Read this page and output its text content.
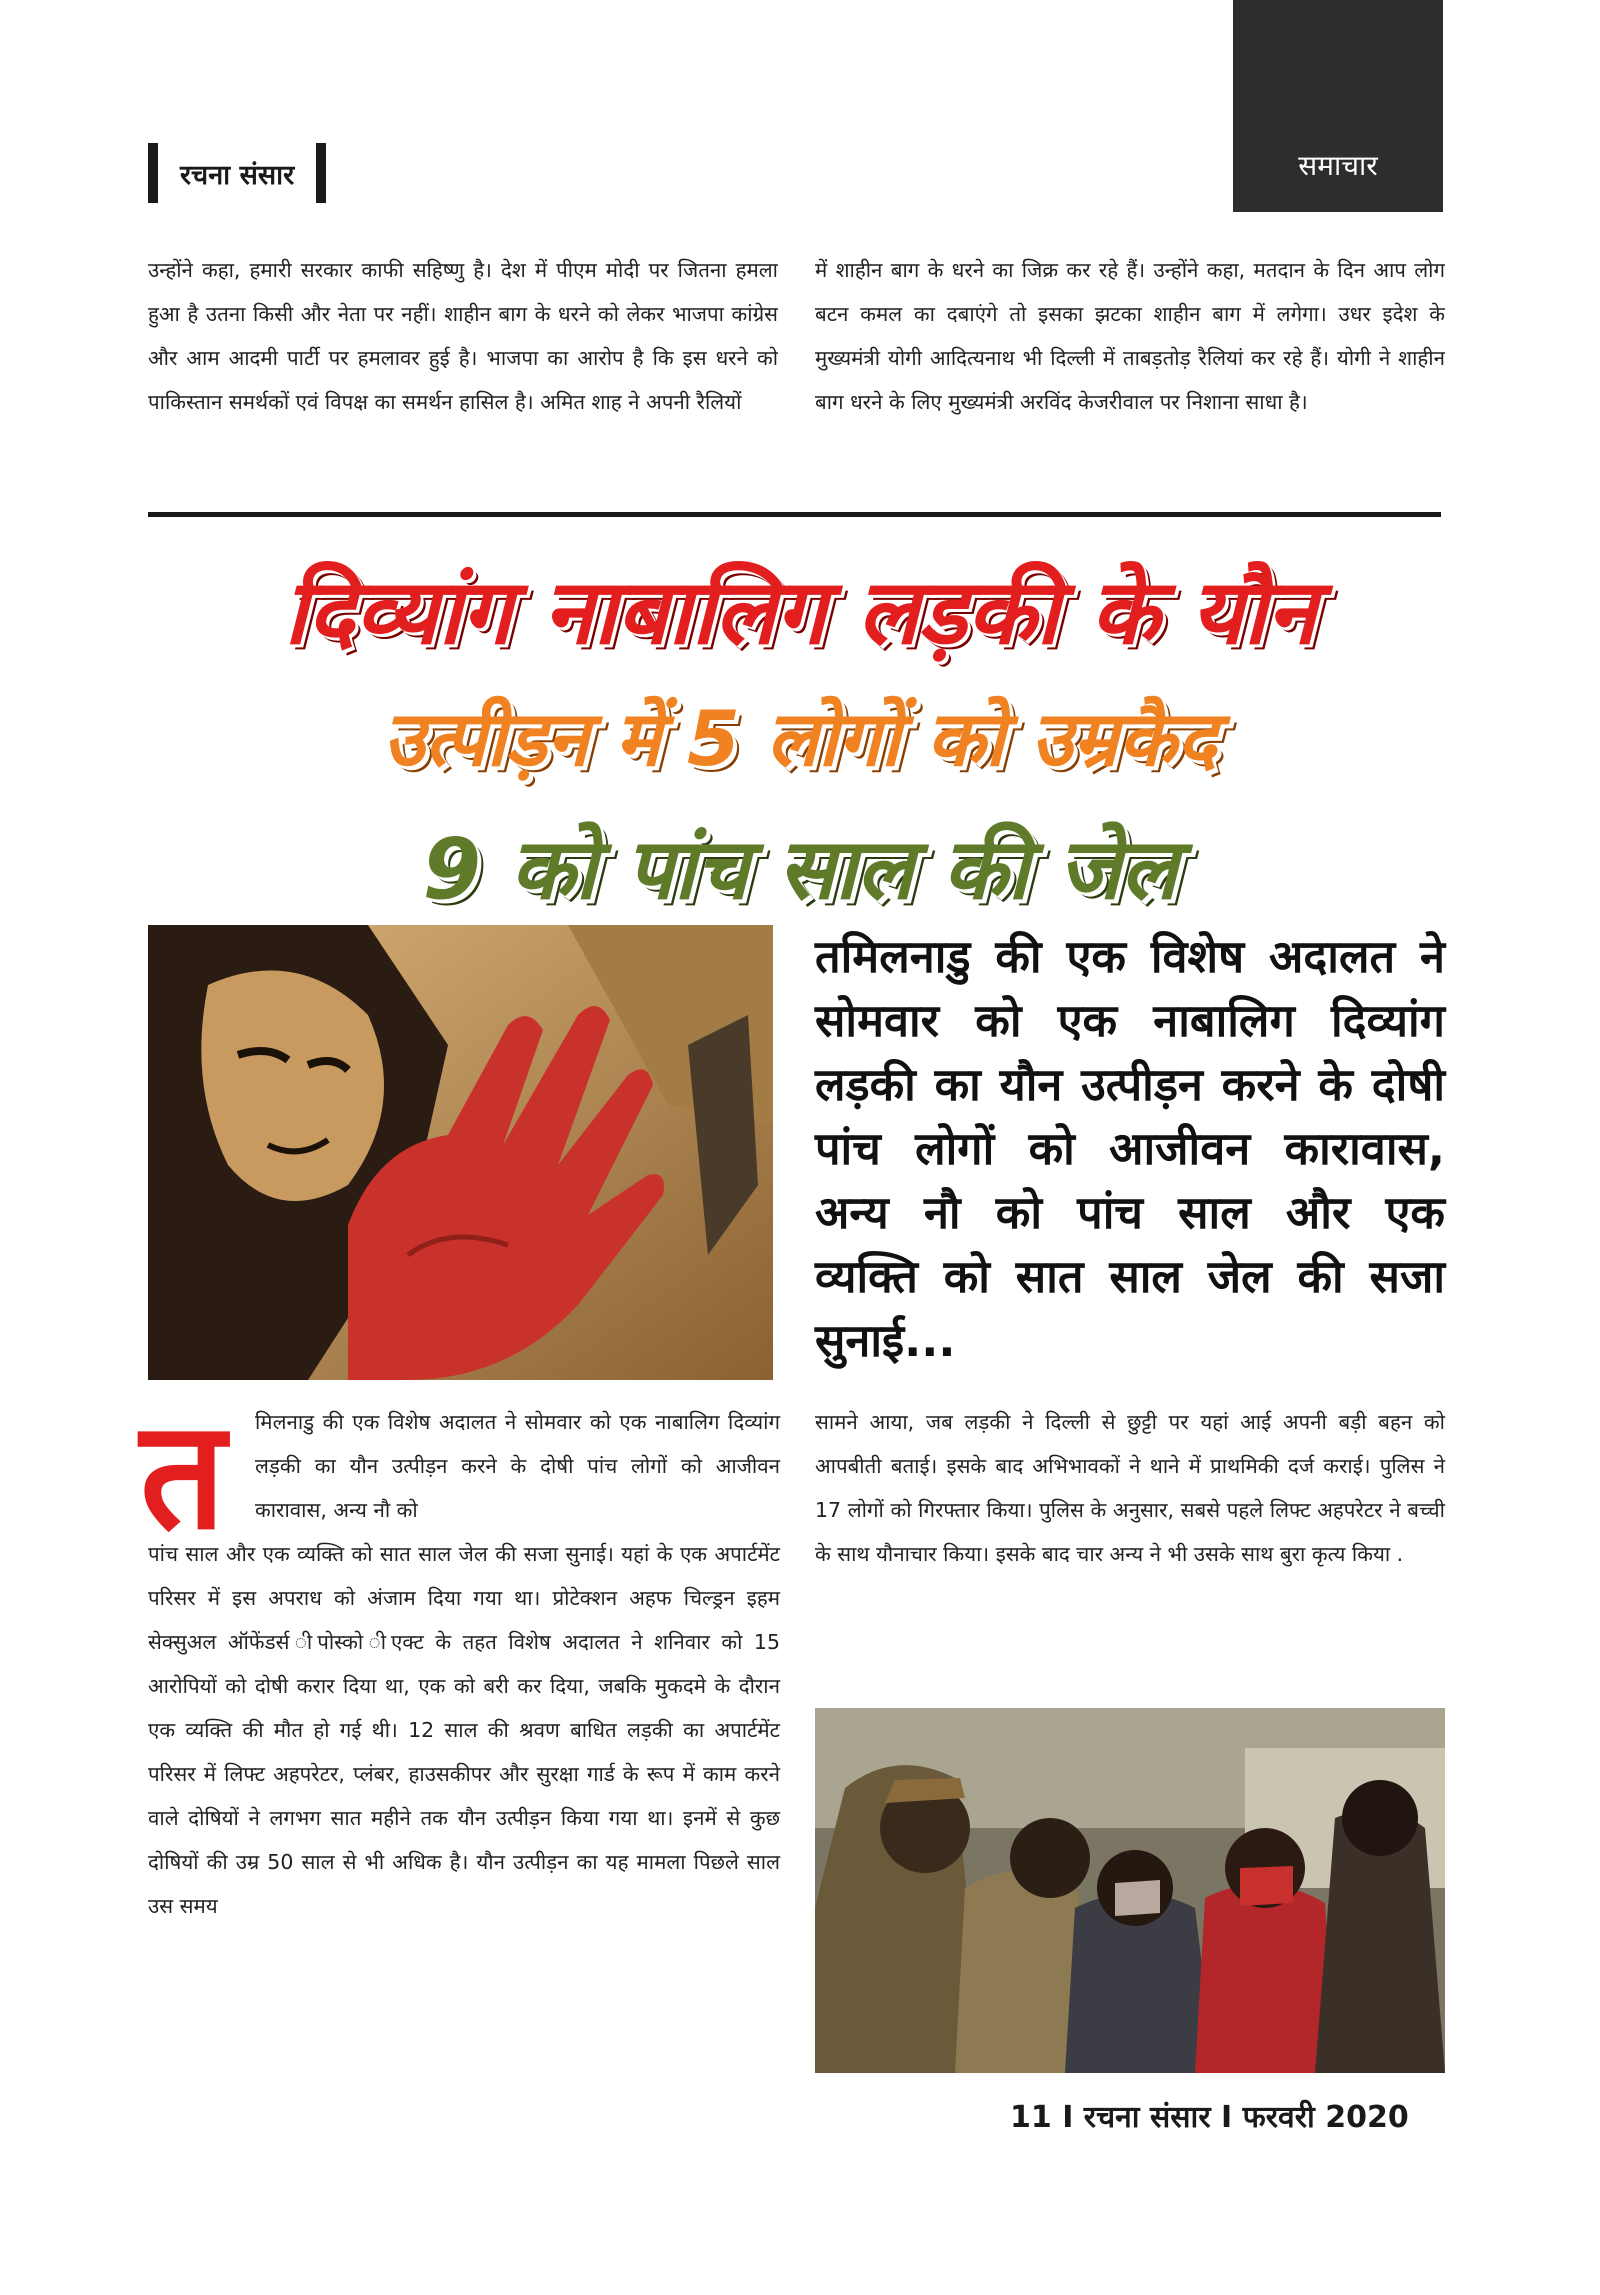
रचना संसार	समाचार

उन्होंने कहा, हमारी सरकार काफी सहिष्णु है। देश में पीएम मोदी पर जितना हमला हुआ है उतना किसी और नेता पर नहीं। शाहीन बाग के धरने को लेकर भाजपा कांग्रेस और आम आदमी पार्टी पर हमलावर हुई है। भाजपा का आरोप है कि इस धरने को पाकिस्तान समर्थकों एवं विपक्ष का समर्थन हासिल है। अमित शाह ने अपनी रैलियों

में शाहीन बाग के धरने का जिक्र कर रहे हैं। उन्होंने कहा, मतदान के दिन आप लोग बटन कमल का दबाएंगे तो इसका झटका शाहीन बाग में लगेगा। उधर इदेश के मुख्यमंत्री योगी आदित्यनाथ भी दिल्ली में ताबड़तोड़ रैलियां कर रहे हैं। योगी ने शाहीन बाग धरने के लिए मुख्यमंत्री अरविंद केजरीवाल पर निशाना साधा है।

दिव्यांग नाबालिग लड़की के यौन
उत्पीड़न में 5 लोगों को उम्रकैद
9 को पांच साल की जेल
तमिलनाडु की एक विशेष अदालत ने सोमवार को एक नाबालिग दिव्यांग लड़की का यौन उत्पीड़न करने के दोषी पांच लोगों को आजीवन कारावास, अन्य नौ को पांच साल और एक व्यक्ति को सात साल जेल की सजा सुनाई...
त मिलनाडु की एक विशेष अदालत ने सोमवार को एक नाबालिग दिव्यांग लड़की का यौन उत्पीड़न करने के दोषी पांच लोगों को आजीवन कारावास, अन्य नौ को

पांच साल और एक व्यक्ति को सात साल जेल की सजा सुनाई। यहां के एक अपार्टमेंट परिसर में इस अपराध को अंजाम दिया गया था। प्रोटेक्शन अहफ चिल्ड्रन इहम सेक्सुअल ऑफेंडर्स ीपोस्को ीएक्ट के तहत विशेष अदालत ने शनिवार को 15 आरोपियों को दोषी करार दिया था, एक को बरी कर दिया, जबकि मुकदमे के दौरान एक व्यक्ति की मौत हो गई थी। 12 साल की श्रवण बाधित लड़की का अपार्टमेंट परिसर में लिफ्ट अहपरेटर, प्लंबर, हाउसकीपर और सुरक्षा गार्ड के रूप में काम करने वाले दोषियों ने लगभग सात महीने तक यौन उत्पीड़न किया गया था। इनमें से कुछ दोषियों की उम्र 50 साल से भी अधिक है। यौन उत्पीड़न का यह मामला पिछले साल उस समय

सामने आया, जब लड़की ने दिल्ली से छुट्टी पर यहां आई अपनी बड़ी बहन को आपबीती बताई। इसके बाद अभिभावकों ने थाने में प्राथमिकी दर्ज कराई। पुलिस ने 17 लोगों को गिरफ्तार किया। पुलिस के अनुसार, सबसे पहले लिफ्ट अहपरेटर ने बच्ची के साथ यौनाचार किया। इसके बाद चार अन्य ने भी उसके साथ बुरा कृत्य किया .

11 I रचना संसार I फरवरी 2020
